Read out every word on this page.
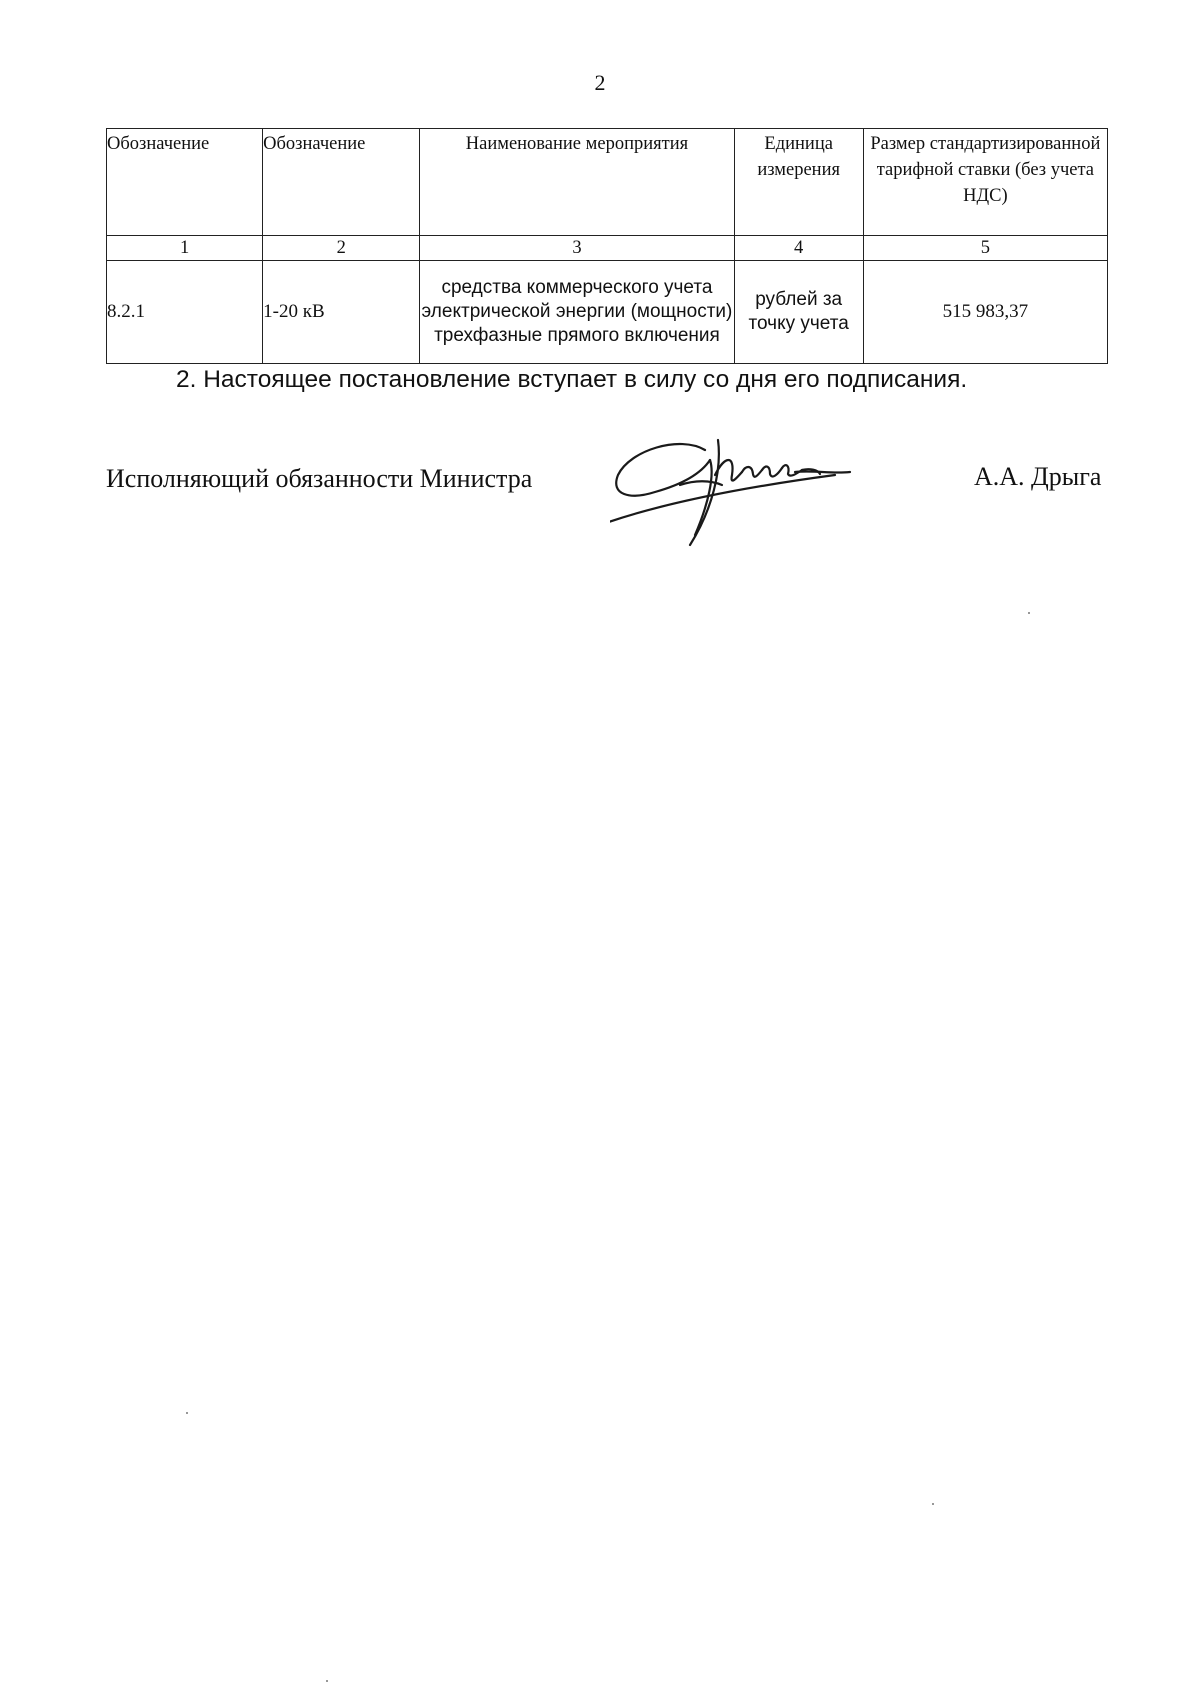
2
Обозначение	Обозначение	Наименование мероприятия	Единица измерения	Размер стандартизированной тарифной ставки (без учета НДС)
1	2	3	4	5
8.2.1	1-20 кВ	средства коммерческого учета электрической энергии (мощности) трехфазные прямого включения	рублей за точку учета	515 983,37
2. Настоящее постановление вступает в силу со дня его подписания.
Исполняющий обязанности Министра	А.А. Дрыга
